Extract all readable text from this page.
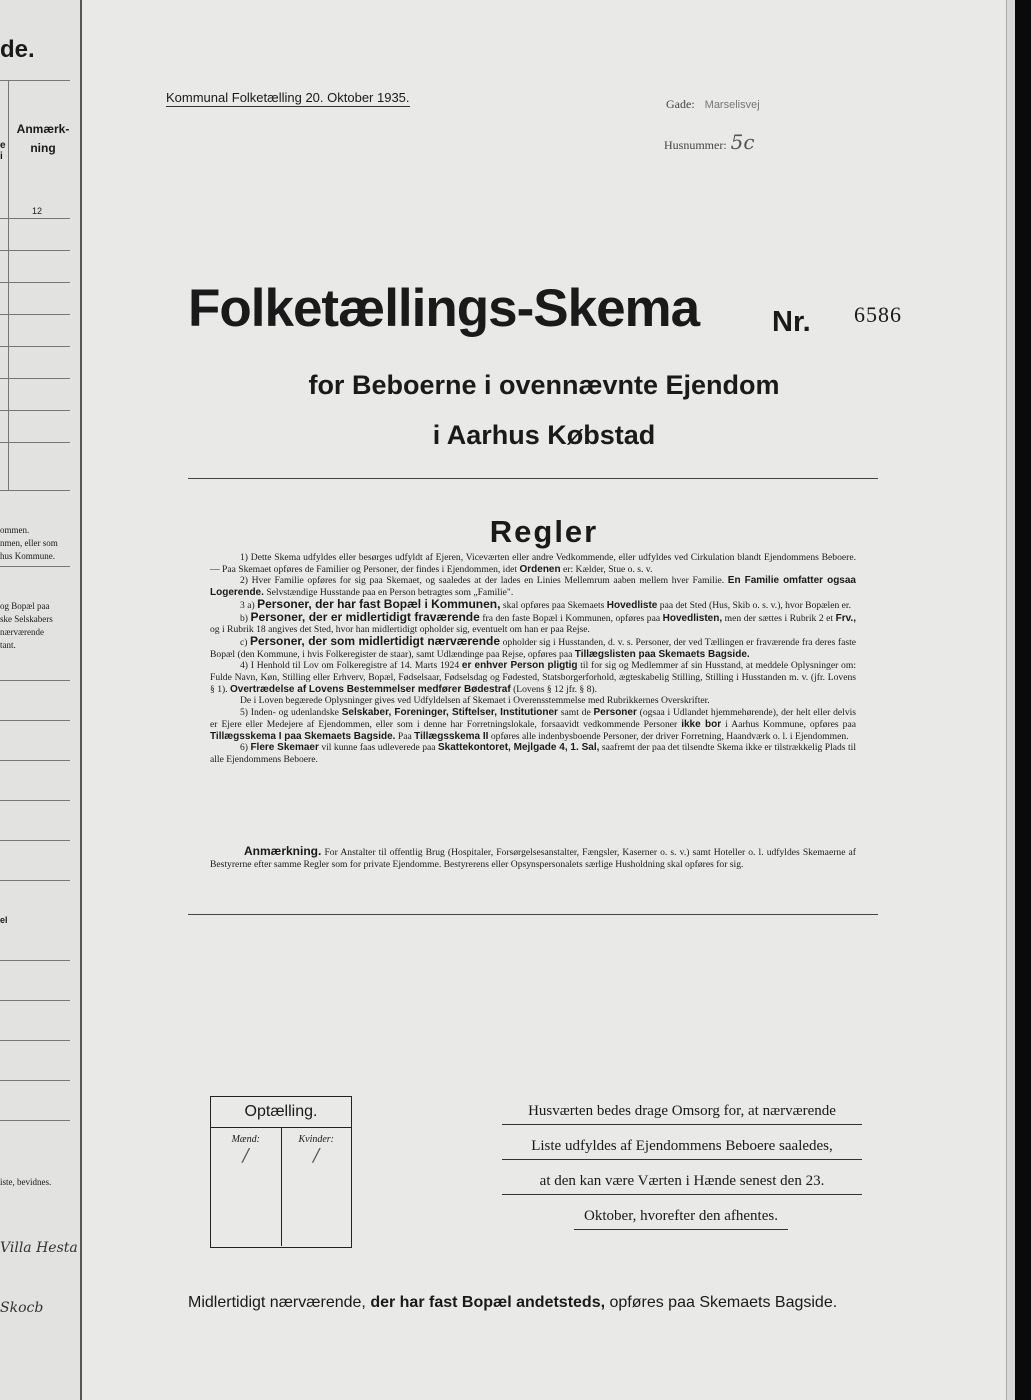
de.
Anmærk-
ning
e
i
12
ommen.
nmen, eller som
hus Kommune.
og Bopæl paa
ske Selskabers
nærværende
tant.
el
iste, bevidnes.
Villa Hesta
Skocb
Kommunal Folketælling 20. Oktober 1935.	Gade: Marselisvej
Husnummer: 5c
Folketællings-Skema	Nr. 6586
for Beboerne i ovennævnte Ejendom
i Aarhus Købstad
Regler

1) Dette Skema udfyldes eller besørges udfyldt af Ejeren, Viceværten eller andre Vedkommende, eller udfyldes ved Cirkulation blandt Ejendommens Beboere. — Paa Skemaet opføres de Familier og Personer, der findes i Ejendommen, idet Ordenen er: Kælder, Stue o. s. v.

2) Hver Familie opføres for sig paa Skemaet, og saaledes at der lades en Linies Mellemrum aaben mellem hver Familie. En Familie omfatter ogsaa Logerende. Selvstændige Husstande paa en Person betragtes som „Familie".

3 a) Personer, der har fast Bopæl i Kommunen, skal opføres paa Skemaets Hovedliste paa det Sted (Hus, Skib o. s. v.), hvor Bopælen er.

b) Personer, der er midlertidigt fraværende fra den faste Bopæl i Kommunen, opføres paa Hovedlisten, men der sættes i Rubrik 2 et Frv., og i Rubrik 18 angives det Sted, hvor han midlertidigt opholder sig, eventuelt om han er paa Rejse.

c) Personer, der som midlertidigt nærværende opholder sig i Husstanden, d. v. s. Personer, der ved Tællingen er fraværende fra deres faste Bopæl (den Kommune, i hvis Folkeregister de staar), samt Udlændinge paa Rejse, opføres paa Tillægslisten paa Skemaets Bagside.

4) I Henhold til Lov om Folkeregistre af 14. Marts 1924 er enhver Person pligtig til for sig og Medlemmer af sin Husstand, at meddele Oplysninger om: Fulde Navn, Køn, Stilling eller Erhverv, Bopæl, Fødselsaar, Fødselsdag og Fødested, Statsborgerforhold, ægteskabelig Stilling, Stilling i Husstanden m. v. (jfr. Lovens § 1). Overtrædelse af Lovens Bestemmelser medfører Bødestraf (Lovens § 12 jfr. § 8).

De i Loven begærede Oplysninger gives ved Udfyldelsen af Skemaet i Overensstemmelse med Rubrikkernes Overskrifter.

5) Inden- og udenlandske Selskaber, Foreninger, Stiftelser, Institutioner samt de Personer (ogsaa i Udlandet hjemmehørende), der helt eller delvis er Ejere eller Medejere af Ejendommen, eller som i denne har Forretningslokale, forsaavidt vedkommende Personer ikke bor i Aarhus Kommune, opføres paa Tillægsskema I paa Skemaets Bagside. Paa Tillægsskema II opføres alle indenbysboende Personer, der driver Forretning, Haandværk o. l. i Ejendommen.

6) Flere Skemaer vil kunne faas udleverede paa Skattekontoret, Mejlgade 4, 1. Sal, saafremt der paa det tilsendte Skema ikke er tilstrækkelig Plads til alle Ejendommens Beboere.

Anmærkning. For Anstalter til offentlig Brug (Hospitaler, Forsørgelsesanstalter, Fængsler, Kaserner o. s. v.) samt Hoteller o. l. udfyldes Skemaerne af Bestyrerne efter samme Regler som for private Ejendomme. Bestyrerens eller Opsynspersonalets særlige Husholdning skal opføres for sig.

Optælling.
Mænd:
/
Kvinder:
/
Husværten bedes drage Omsorg for, at nærværende
Liste udfyldes af Ejendommens Beboere saaledes,
at den kan være Værten i Hænde senest den 23.
Oktober, hvorefter den afhentes.
Midlertidigt nærværende, der har fast Bopæl andetsteds, opføres paa Skemaets Bagside.
